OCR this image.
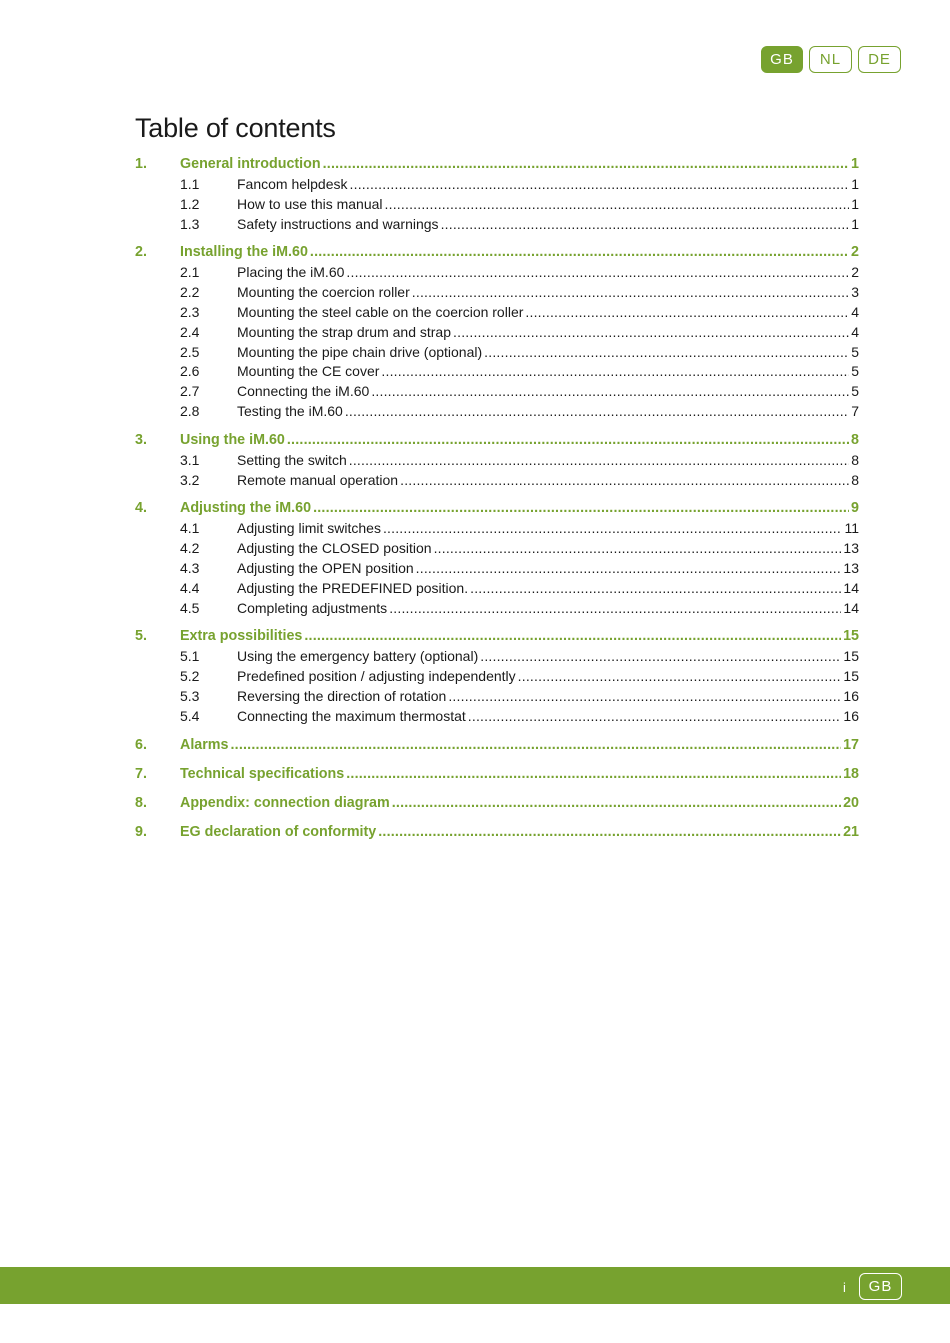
GB	NL	DE
Table of contents
1.	General introduction .....	1
1.1	Fancom helpdesk .....	1
1.2	How to use this manual .....	1
1.3	Safety instructions and warnings .....	1
2.	Installing the iM.60 .....	2
2.1	Placing the iM.60 .....	2
2.2	Mounting the coercion roller .....	3
2.3	Mounting the steel cable on the coercion roller .....	4
2.4	Mounting the strap drum and strap .....	4
2.5	Mounting the pipe chain drive (optional) .....	5
2.6	Mounting the CE cover .....	5
2.7	Connecting the iM.60 .....	5
2.8	Testing the iM.60 .....	7
3.	Using the iM.60 .....	8
3.1	Setting the switch .....	8
3.2	Remote manual operation .....	8
4.	Adjusting the iM.60 .....	9
4.1	Adjusting limit switches .....	11
4.2	Adjusting the CLOSED position .....	13
4.3	Adjusting the OPEN position .....	13
4.4	Adjusting the PREDEFINED position. .....	14
4.5	Completing adjustments .....	14
5.	Extra possibilities .....	15
5.1	Using the emergency battery (optional) .....	15
5.2	Predefined position / adjusting independently .....	15
5.3	Reversing the direction of rotation .....	16
5.4	Connecting the maximum thermostat .....	16
6.	Alarms .....	17
7.	Technical specifications .....	18
8.	Appendix: connection diagram .....	20
9.	EG declaration of conformity .....	21
i	GB
